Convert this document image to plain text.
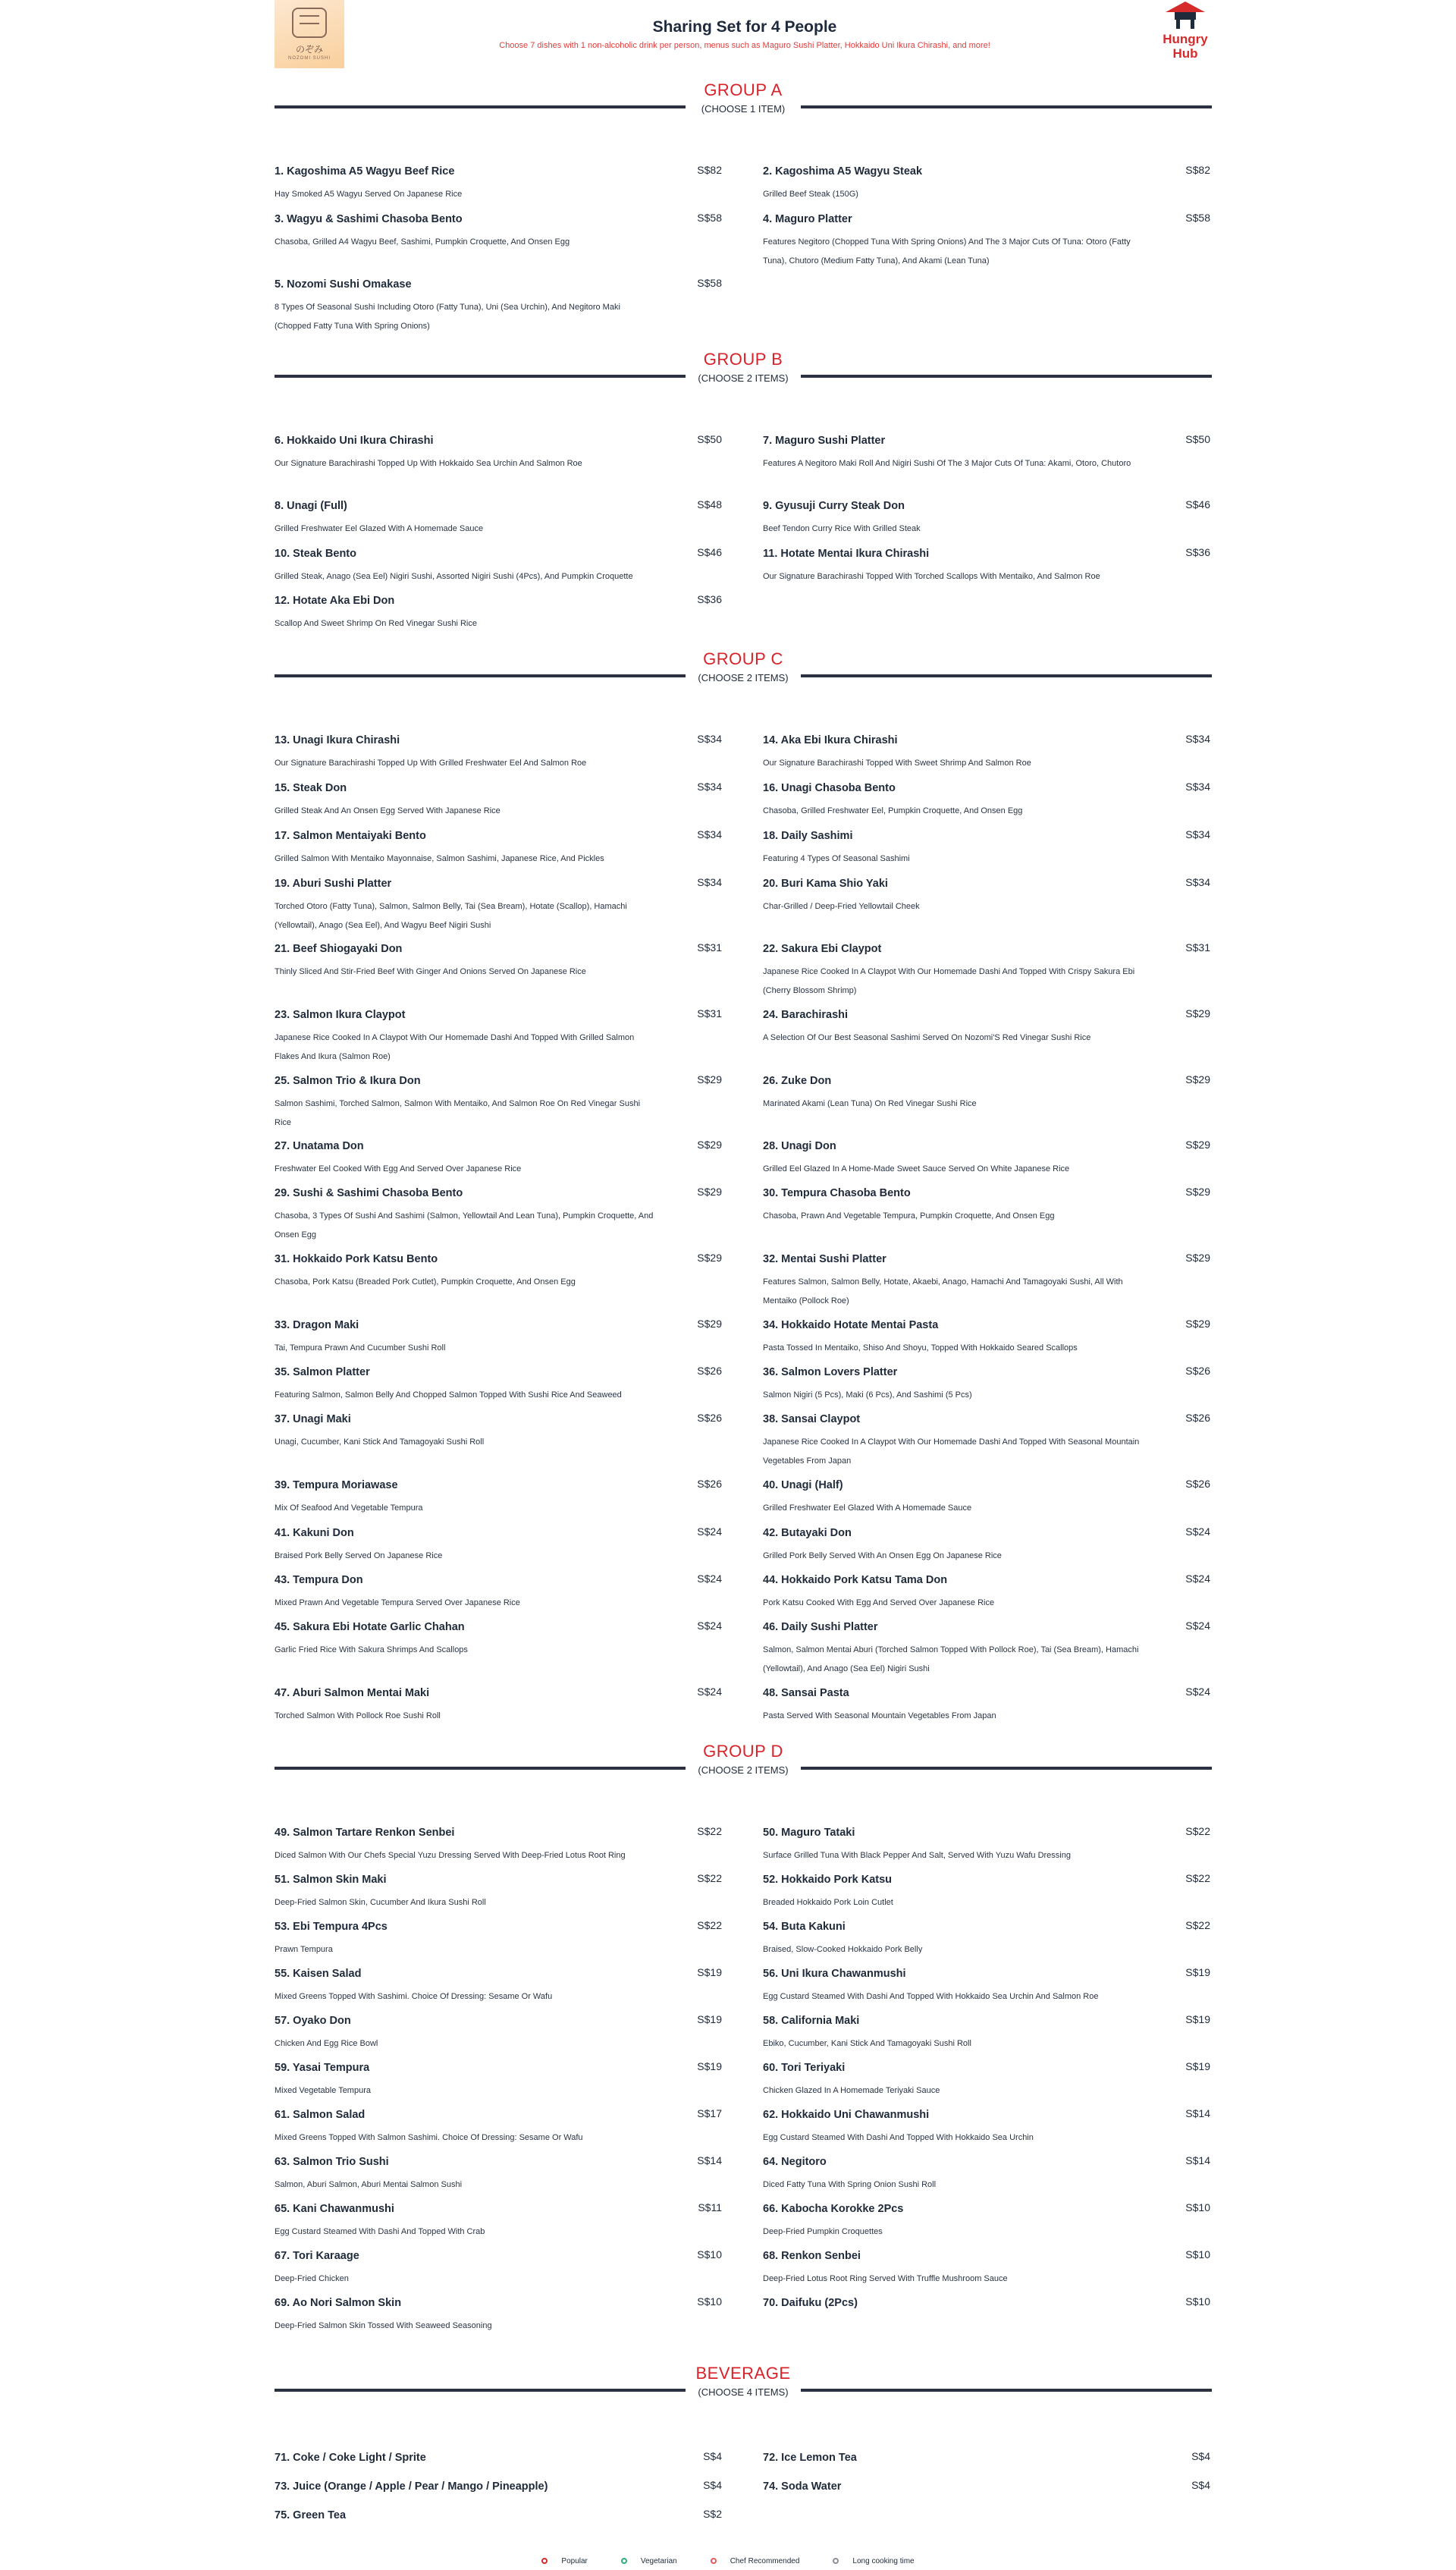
のぞみ
NOZOMI SUSHI
Sharing Set for 4 People
Choose 7 dishes with 1 non-alcoholic drink per person, menus such as Maguro Sushi Platter, Hokkaido Uni Ikura Chirashi, and more!	Hungry
Hub
GROUP A
(CHOOSE 1 ITEM)
1. Kagoshima A5 Wagyu Beef Rice	S$82
Hay Smoked A5 Wagyu Served On Japanese Rice
2. Kagoshima A5 Wagyu Steak	S$82
Grilled Beef Steak (150G)
3. Wagyu & Sashimi Chasoba Bento	S$58
Chasoba, Grilled A4 Wagyu Beef, Sashimi, Pumpkin Croquette, And Onsen Egg
4. Maguro Platter	S$58
Features Negitoro (Chopped Tuna With Spring Onions) And The 3 Major Cuts Of Tuna: Otoro (Fatty Tuna), Chutoro (Medium Fatty Tuna), And Akami (Lean Tuna)
5. Nozomi Sushi Omakase	S$58
8 Types Of Seasonal Sushi Including Otoro (Fatty Tuna), Uni (Sea Urchin), And Negitoro Maki (Chopped Fatty Tuna With Spring Onions)
GROUP B
(CHOOSE 2 ITEMS)
6. Hokkaido Uni Ikura Chirashi	S$50
Our Signature Barachirashi Topped Up With Hokkaido Sea Urchin And Salmon Roe
7. Maguro Sushi Platter	S$50
Features A Negitoro Maki Roll And Nigiri Sushi Of The 3 Major Cuts Of Tuna: Akami, Otoro, Chutoro
8. Unagi (Full)	S$48
Grilled Freshwater Eel Glazed With A Homemade Sauce
9. Gyusuji Curry Steak Don	S$46
Beef Tendon Curry Rice With Grilled Steak
10. Steak Bento	S$46
Grilled Steak, Anago (Sea Eel) Nigiri Sushi, Assorted Nigiri Sushi (4Pcs), And Pumpkin Croquette
11. Hotate Mentai Ikura Chirashi	S$36
Our Signature Barachirashi Topped With Torched Scallops With Mentaiko, And Salmon Roe
12. Hotate Aka Ebi Don	S$36
Scallop And Sweet Shrimp On Red Vinegar Sushi Rice
GROUP C
(CHOOSE 2 ITEMS)
13. Unagi Ikura Chirashi	S$34
Our Signature Barachirashi Topped Up With Grilled Freshwater Eel And Salmon Roe
14. Aka Ebi Ikura Chirashi	S$34
Our Signature Barachirashi Topped With Sweet Shrimp And Salmon Roe
15. Steak Don	S$34
Grilled Steak And An Onsen Egg Served With Japanese Rice
16. Unagi Chasoba Bento	S$34
Chasoba, Grilled Freshwater Eel, Pumpkin Croquette, And Onsen Egg
17. Salmon Mentaiyaki Bento	S$34
Grilled Salmon With Mentaiko Mayonnaise, Salmon Sashimi, Japanese Rice, And Pickles
18. Daily Sashimi	S$34
Featuring 4 Types Of Seasonal Sashimi
19. Aburi Sushi Platter	S$34
Torched Otoro (Fatty Tuna), Salmon, Salmon Belly, Tai (Sea Bream), Hotate (Scallop), Hamachi (Yellowtail), Anago (Sea Eel), And Wagyu Beef Nigiri Sushi
20. Buri Kama Shio Yaki	S$34
Char-Grilled / Deep-Fried Yellowtail Cheek
21. Beef Shiogayaki Don	S$31
Thinly Sliced And Stir-Fried Beef With Ginger And Onions Served On Japanese Rice
22. Sakura Ebi Claypot	S$31
Japanese Rice Cooked In A Claypot With Our Homemade Dashi And Topped With Crispy Sakura Ebi (Cherry Blossom Shrimp)
23. Salmon Ikura Claypot	S$31
Japanese Rice Cooked In A Claypot With Our Homemade Dashi And Topped With Grilled Salmon Flakes And Ikura (Salmon Roe)
24. Barachirashi	S$29
A Selection Of Our Best Seasonal Sashimi Served On Nozomi'S Red Vinegar Sushi Rice
25. Salmon Trio & Ikura Don	S$29
Salmon Sashimi, Torched Salmon, Salmon With Mentaiko, And Salmon Roe On Red Vinegar Sushi Rice
26. Zuke Don	S$29
Marinated Akami (Lean Tuna) On Red Vinegar Sushi Rice
27. Unatama Don	S$29
Freshwater Eel Cooked With Egg And Served Over Japanese Rice
28. Unagi Don	S$29
Grilled Eel Glazed In A Home-Made Sweet Sauce Served On White Japanese Rice
29. Sushi & Sashimi Chasoba Bento	S$29
Chasoba, 3 Types Of Sushi And Sashimi (Salmon, Yellowtail And Lean Tuna), Pumpkin Croquette, And Onsen Egg
30. Tempura Chasoba Bento	S$29
Chasoba, Prawn And Vegetable Tempura, Pumpkin Croquette, And Onsen Egg
31. Hokkaido Pork Katsu Bento	S$29
Chasoba, Pork Katsu (Breaded Pork Cutlet), Pumpkin Croquette, And Onsen Egg
32. Mentai Sushi Platter	S$29
Features Salmon, Salmon Belly, Hotate, Akaebi, Anago, Hamachi And Tamagoyaki Sushi, All With Mentaiko (Pollock Roe)
33. Dragon Maki	S$29
Tai, Tempura Prawn And Cucumber Sushi Roll
34. Hokkaido Hotate Mentai Pasta	S$29
Pasta Tossed In Mentaiko, Shiso And Shoyu, Topped With Hokkaido Seared Scallops
35. Salmon Platter	S$26
Featuring Salmon, Salmon Belly And Chopped Salmon Topped With Sushi Rice And Seaweed
36. Salmon Lovers Platter	S$26
Salmon Nigiri (5 Pcs), Maki (6 Pcs), And Sashimi (5 Pcs)
37. Unagi Maki	S$26
Unagi, Cucumber, Kani Stick And Tamagoyaki Sushi Roll
38. Sansai Claypot	S$26
Japanese Rice Cooked In A Claypot With Our Homemade Dashi And Topped With Seasonal Mountain Vegetables From Japan
39. Tempura Moriawase	S$26
Mix Of Seafood And Vegetable Tempura
40. Unagi (Half)	S$26
Grilled Freshwater Eel Glazed With A Homemade Sauce
41. Kakuni Don	S$24
Braised Pork Belly Served On Japanese Rice
42. Butayaki Don	S$24
Grilled Pork Belly Served With An Onsen Egg On Japanese Rice
43. Tempura Don	S$24
Mixed Prawn And Vegetable Tempura Served Over Japanese Rice
44. Hokkaido Pork Katsu Tama Don	S$24
Pork Katsu Cooked With Egg And Served Over Japanese Rice
45. Sakura Ebi Hotate Garlic Chahan	S$24
Garlic Fried Rice With Sakura Shrimps And Scallops
46. Daily Sushi Platter	S$24
Salmon, Salmon Mentai Aburi (Torched Salmon Topped With Pollock Roe), Tai (Sea Bream), Hamachi (Yellowtail), And Anago (Sea Eel) Nigiri Sushi
47. Aburi Salmon Mentai Maki	S$24
Torched Salmon With Pollock Roe Sushi Roll
48. Sansai Pasta	S$24
Pasta Served With Seasonal Mountain Vegetables From Japan
GROUP D
(CHOOSE 2 ITEMS)
49. Salmon Tartare Renkon Senbei	S$22
Diced Salmon With Our Chefs Special Yuzu Dressing Served With Deep-Fried Lotus Root Ring
50. Maguro Tataki	S$22
Surface Grilled Tuna With Black Pepper And Salt, Served With Yuzu Wafu Dressing
51. Salmon Skin Maki	S$22
Deep-Fried Salmon Skin, Cucumber And Ikura Sushi Roll
52. Hokkaido Pork Katsu	S$22
Breaded Hokkaido Pork Loin Cutlet
53. Ebi Tempura 4Pcs	S$22
Prawn Tempura
54. Buta Kakuni	S$22
Braised, Slow-Cooked Hokkaido Pork Belly
55. Kaisen Salad	S$19
Mixed Greens Topped With Sashimi. Choice Of Dressing: Sesame Or Wafu
56. Uni Ikura Chawanmushi	S$19
Egg Custard Steamed With Dashi And Topped With Hokkaido Sea Urchin And Salmon Roe
57. Oyako Don	S$19
Chicken And Egg Rice Bowl
58. California Maki	S$19
Ebiko, Cucumber, Kani Stick And Tamagoyaki Sushi Roll
59. Yasai Tempura	S$19
Mixed Vegetable Tempura
60. Tori Teriyaki	S$19
Chicken Glazed In A Homemade Teriyaki Sauce
61. Salmon Salad	S$17
Mixed Greens Topped With Salmon Sashimi. Choice Of Dressing: Sesame Or Wafu
62. Hokkaido Uni Chawanmushi	S$14
Egg Custard Steamed With Dashi And Topped With Hokkaido Sea Urchin
63. Salmon Trio Sushi	S$14
Salmon, Aburi Salmon, Aburi Mentai Salmon Sushi
64. Negitoro	S$14
Diced Fatty Tuna With Spring Onion Sushi Roll
65. Kani Chawanmushi	S$11
Egg Custard Steamed With Dashi And Topped With Crab
66. Kabocha Korokke 2Pcs	S$10
Deep-Fried Pumpkin Croquettes
67. Tori Karaage	S$10
Deep-Fried Chicken
68. Renkon Senbei	S$10
Deep-Fried Lotus Root Ring Served With Truffle Mushroom Sauce
69. Ao Nori Salmon Skin	S$10
Deep-Fried Salmon Skin Tossed With Seaweed Seasoning
70. Daifuku (2Pcs)	S$10
BEVERAGE
(CHOOSE 4 ITEMS)
71. Coke / Coke Light / Sprite	S$4	72. Ice Lemon Tea	S$4
73. Juice (Orange / Apple / Pear / Mango / Pineapple)	S$4	74. Soda Water	S$4
75. Green Tea	S$2
Popular	Vegetarian	Chef Recommended	Long cooking time
